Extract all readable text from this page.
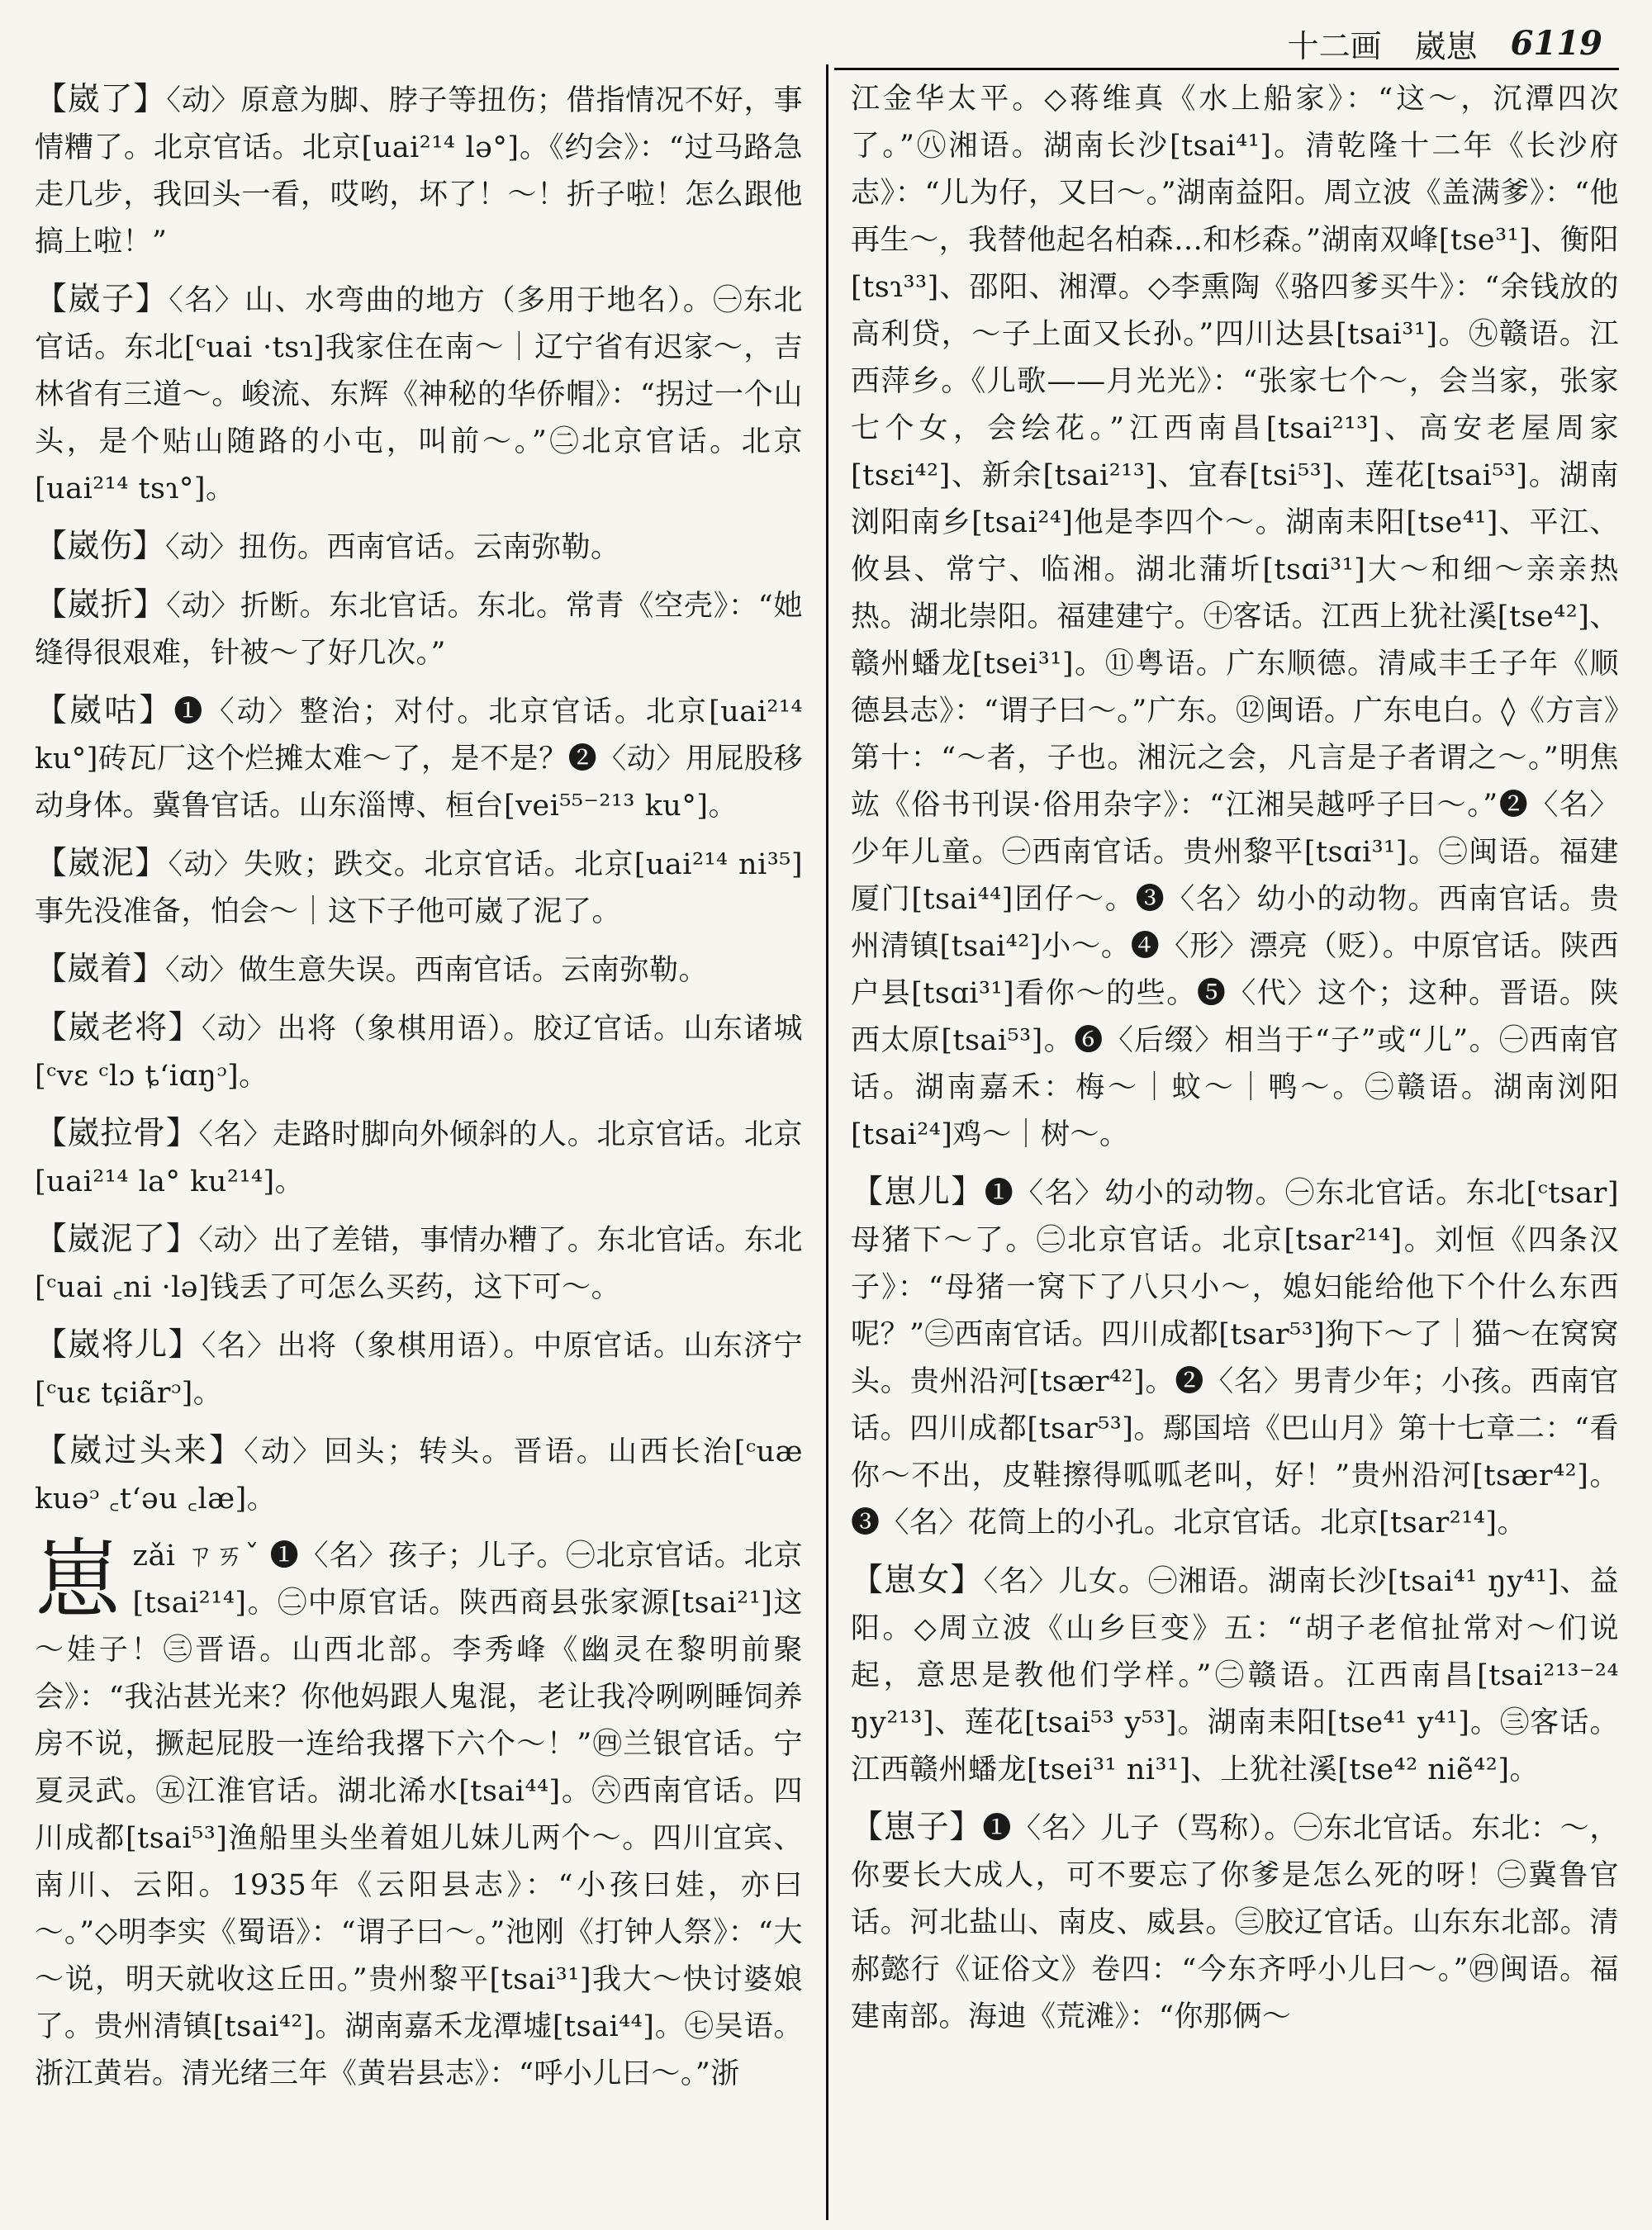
十二画 崴崽 6119

【崴了】〈动〉原意为脚、脖子等扭伤；借指情况不好，事情糟了。北京官话。北京[uai²¹⁴ lə°]。《约会》：“过马路急走几步，我回头一看，哎哟，坏了！～！折子啦！怎么跟他搞上啦！”

【崴子】〈名〉山、水弯曲的地方（多用于地名）。㊀东北官话。东北[ᶜuai ·tsɿ]我家住在南～｜辽宁省有迟家～，吉林省有三道～。峻流、东辉《神秘的华侨帽》：“拐过一个山头，是个贴山随路的小屯，叫前～。”㊁北京官话。北京[uai²¹⁴ tsɿ°]。

【崴伤】〈动〉扭伤。西南官话。云南弥勒。

【崴折】〈动〉折断。东北官话。东北。常青《空壳》：“她缝得很艰难，针被～了好几次。”

【崴咕】❶〈动〉整治；对付。北京官话。北京[uai²¹⁴ ku°]砖瓦厂这个烂摊太难～了，是不是？❷〈动〉用屁股移动身体。冀鲁官话。山东淄博、桓台[vei⁵⁵⁻²¹³ ku°]。

【崴泥】〈动〉失败；跌交。北京官话。北京[uai²¹⁴ ni³⁵]事先没准备，怕会～｜这下子他可崴了泥了。

【崴着】〈动〉做生意失误。西南官话。云南弥勒。

【崴老将】〈动〉出将（象棋用语）。胶辽官话。山东诸城[ᶜvɛ ᶜlɔ ȶʻiɑŋᵓ]。

【崴拉骨】〈名〉走路时脚向外倾斜的人。北京官话。北京[uai²¹⁴ la° ku²¹⁴]。

【崴泥了】〈动〉出了差错，事情办糟了。东北官话。东北[ᶜuai ꜀ni ·lə]钱丢了可怎么买药，这下可～。

【崴将儿】〈名〉出将（象棋用语）。中原官话。山东济宁[ᶜuɛ tɕiãrᵓ]。

【崴过头来】〈动〉回头；转头。晋语。山西长治[ᶜuæ kuəᵓ ꜀tʻəu ꜀læ]。

崽zǎi ㄗㄞˇ ❶〈名〉孩子；儿子。㊀北京官话。北京[tsai²¹⁴]。㊁中原官话。陕西商县张家源[tsai²¹]这～娃子！㊂晋语。山西北部。李秀峰《幽灵在黎明前聚会》：“我沾甚光来？你他妈跟人鬼混，老让我冷咧咧睡饲养房不说，撅起屁股一连给我撂下六个～！”㊃兰银官话。宁夏灵武。㊄江淮官话。湖北浠水[tsai⁴⁴]。㊅西南官话。四川成都[tsai⁵³]渔船里头坐着姐儿妹儿两个～。四川宜宾、南川、云阳。1935年《云阳县志》：“小孩曰娃，亦曰～。”◇明李实《蜀语》：“谓子曰～。”池刚《打钟人祭》：“大～说，明天就收这丘田。”贵州黎平[tsai³¹]我大～快讨婆娘了。贵州清镇[tsai⁴²]。湖南嘉禾龙潭墟[tsai⁴⁴]。㊆吴语。浙江黄岩。清光绪三年《黄岩县志》：“呼小儿曰～。”浙

江金华太平。◇蒋维真《水上船家》：“这～，沉潭四次了。”㊇湘语。湖南长沙[tsai⁴¹]。清乾隆十二年《长沙府志》：“儿为仔，又曰～。”湖南益阳。周立波《盖满爹》：“他再生～，我替他起名柏森…和杉森。”湖南双峰[tse³¹]、衡阳[tsɿ³³]、邵阳、湘潭。◇李熏陶《骆四爹买牛》：“余钱放的高利贷，～子上面又长孙。”四川达县[tsai³¹]。㊈赣语。江西萍乡。《儿歌——月光光》：“张家七个～，会当家，张家七个女，会绘花。”江西南昌[tsai²¹³]、高安老屋周家[tsɛi⁴²]、新余[tsai²¹³]、宜春[tsi⁵³]、莲花[tsai⁵³]。湖南浏阳南乡[tsai²⁴]他是李四个～。湖南耒阳[tse⁴¹]、平江、攸县、常宁、临湘。湖北蒲圻[tsɑi³¹]大～和细～亲亲热热。湖北崇阳。福建建宁。㊉客话。江西上犹社溪[tse⁴²]、赣州蟠龙[tsei³¹]。⑪粤语。广东顺德。清咸丰壬子年《顺德县志》：“谓子曰～。”广东。⑫闽语。广东电白。◊《方言》第十：“～者，子也。湘沅之会，凡言是子者谓之～。”明焦竑《俗书刊误·俗用杂字》：“江湘吴越呼子曰～。”❷〈名〉少年儿童。㊀西南官话。贵州黎平[tsɑi³¹]。㊁闽语。福建厦门[tsai⁴⁴]囝仔～。❸〈名〉幼小的动物。西南官话。贵州清镇[tsai⁴²]小～。❹〈形〉漂亮（贬）。中原官话。陕西户县[tsɑi³¹]看你～的些。❺〈代〉这个；这种。晋语。陕西太原[tsai⁵³]。❻〈后缀〉相当于“子”或“儿”。㊀西南官话。湖南嘉禾：梅～｜蚊～｜鸭～。㊁赣语。湖南浏阳[tsai²⁴]鸡～｜树～。

【崽儿】❶〈名〉幼小的动物。㊀东北官话。东北[ᶜtsar]母猪下～了。㊁北京官话。北京[tsar²¹⁴]。刘恒《四条汉子》：“母猪一窝下了八只小～，媳妇能给他下个什么东西呢？”㊂西南官话。四川成都[tsar⁵³]狗下～了｜猫～在窝窝头。贵州沿河[tsær⁴²]。❷〈名〉男青少年；小孩。西南官话。四川成都[tsar⁵³]。鄢国培《巴山月》第十七章二：“看你～不出，皮鞋擦得呱呱老叫，好！”贵州沿河[tsær⁴²]。❸〈名〉花筒上的小孔。北京官话。北京[tsar²¹⁴]。

【崽女】〈名〉儿女。㊀湘语。湖南长沙[tsai⁴¹ ŋy⁴¹]、益阳。◇周立波《山乡巨变》五：“胡子老倌扯常对～们说起，意思是教他们学样。”㊁赣语。江西南昌[tsai²¹³⁻²⁴ ŋy²¹³]、莲花[tsai⁵³ y⁵³]。湖南耒阳[tse⁴¹ y⁴¹]。㊂客话。江西赣州蟠龙[tsei³¹ ni³¹]、上犹社溪[tse⁴² niẽ⁴²]。

【崽子】❶〈名〉儿子（骂称）。㊀东北官话。东北：～，你要长大成人，可不要忘了你爹是怎么死的呀！㊁冀鲁官话。河北盐山、南皮、威县。㊂胶辽官话。山东东北部。清郝懿行《证俗文》卷四：“今东齐呼小儿曰～。”㊃闽语。福建南部。海迪《荒滩》：“你那俩～
